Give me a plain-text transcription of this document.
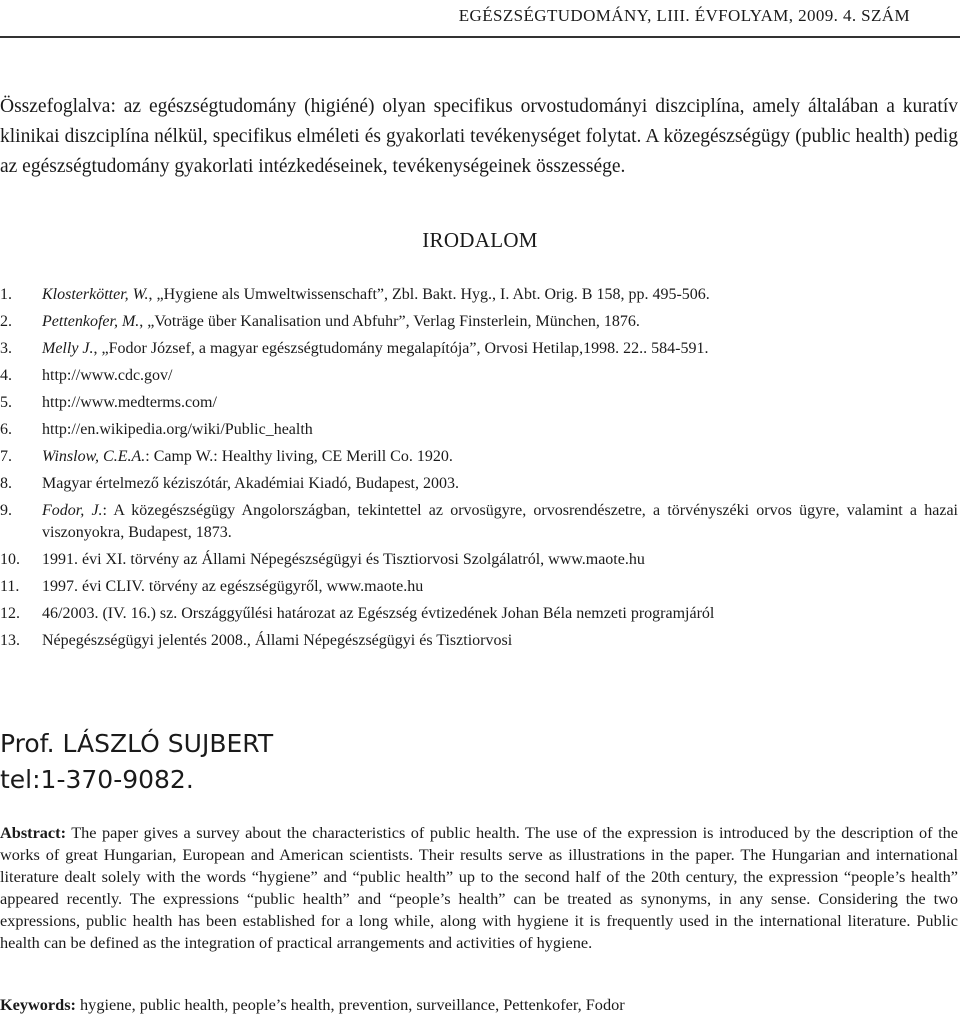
EGÉSZSÉGTUDOMÁNY, LIII. ÉVFOLYAM, 2009. 4. SZÁM

Összefoglalva: az egészségtudomány (higiéné) olyan specifikus orvostudományi diszciplína, amely általában a kuratív klinikai diszciplína nélkül, specifikus elméleti és gyakorlati tevékenységet folytat. A közegészségügy (public health) pedig az egészségtudomány gyakorlati intézkedéseinek, tevékenységeinek összessége.

IRODALOM
1.	Klosterkötter, W., „Hygiene als Umweltwissenschaft”, Zbl. Bakt. Hyg., I. Abt. Orig. B 158, pp. 495-506.
2.	Pettenkofer, M., „Voträge über Kanalisation und Abfuhr”, Verlag Finsterlein, München, 1876.
3.	Melly J., „Fodor József, a magyar egészségtudomány megalapítója”, Orvosi Hetilap,1998. 22.. 584-591.
4.	http://www.cdc.gov/
5.	http://www.medterms.com/
6.	http://en.wikipedia.org/wiki/Public_health
7.	Winslow, C.E.A.: Camp W.: Healthy living, CE Merill Co. 1920.
8.	Magyar értelmező kéziszótár, Akadémiai Kiadó, Budapest, 2003.
9.	Fodor, J.: A közegészségügy Angolországban, tekintettel az orvosügyre, orvosrendészetre, a törvényszéki orvos ügyre, valamint a hazai viszonyokra, Budapest, 1873.
10.	1991. évi XI. törvény az Állami Népegészségügyi és Tisztiorvosi Szolgálatról, www.maote.hu
11.	1997. évi CLIV. törvény az egészségügyről, www.maote.hu
12.	46/2003. (IV. 16.) sz. Országgyűlési határozat az Egészség évtizedének Johan Béla nemzeti programjáról
13.	Népegészségügyi jelentés 2008., Állami Népegészségügyi és Tisztiorvosi
Prof. LÁSZLÓ SUJBERT
tel:1-370-9082.

Abstract: The paper gives a survey about the characteristics of public health. The use of the expression is introduced by the description of the works of great Hungarian, European and American scientists. Their results serve as illustrations in the paper. The Hungarian and international literature dealt solely with the words “hygiene” and “public health” up to the second half of the 20th century, the expression “people’s health” appeared recently. The expressions “public health” and “people’s health” can be treated as synonyms, in any sense. Considering the two expressions, public health has been established for a long while, along with hygiene it is frequently used in the international literature. Public health can be defined as the integration of practical arrangements and activities of hygiene.

Keywords: hygiene, public health, people’s health, prevention, surveillance, Pettenkofer, Fodor
